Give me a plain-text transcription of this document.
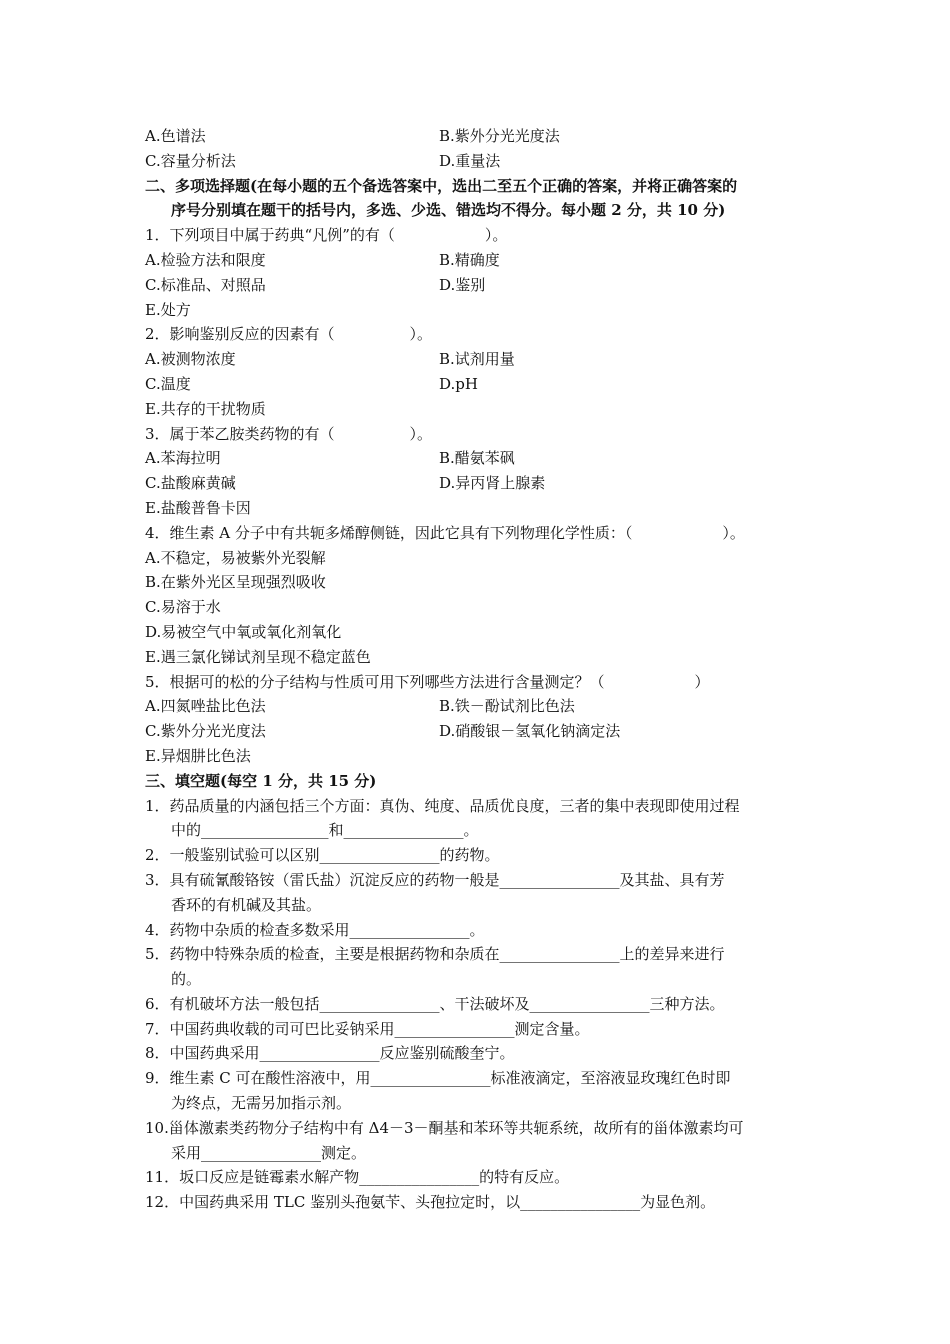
A.色谱法	B.紫外分光光度法
C.容量分析法	D.重量法
二、多项选择题(在每小题的五个备选答案中，选出二至五个正确的答案，并将正确答案的
序号分别填在题干的括号内，多选、少选、错选均不得分。每小题 2 分，共 10 分)
1．下列项目中属于药典“凡例”的有（　　　　　　）。
A.检验方法和限度	B.精确度
C.标准品、对照品	D.鉴别
E.处方
2．影响鉴别反应的因素有（　　　　　）。
A.被测物浓度	B.试剂用量
C.温度	D.pH
E.共存的干扰物质
3．属于苯乙胺类药物的有（　　　　　）。
A.苯海拉明	B.醋氨苯砜
C.盐酸麻黄碱	D.异丙肾上腺素
E.盐酸普鲁卡因
4．维生素 A 分子中有共轭多烯醇侧链，因此它具有下列物理化学性质：（　　　　　　）。
A.不稳定，易被紫外光裂解
B.在紫外光区呈现强烈吸收
C.易溶于水
D.易被空气中氧或氧化剂氧化
E.遇三氯化锑试剂呈现不稳定蓝色
5．根据可的松的分子结构与性质可用下列哪些方法进行含量测定？（　　　　　　）
A.四氮唑盐比色法	B.铁－酚试剂比色法
C.紫外分光光度法	D.硝酸银－氢氧化钠滴定法
E.异烟肼比色法
三、填空题(每空 1 分，共 15 分)
1．药品质量的内涵包括三个方面：真伪、纯度、品质优良度，三者的集中表现即使用过程
中的_________________和________________。
2．一般鉴别试验可以区别________________的药物。
3．具有硫氰酸铬铵（雷氏盐）沉淀反应的药物一般是________________及其盐、具有芳
香环的有机碱及其盐。
4．药物中杂质的检查多数采用________________。
5．药物中特殊杂质的检查，主要是根据药物和杂质在________________上的差异来进行
的。
6．有机破坏方法一般包括________________、干法破坏及________________三种方法。
7．中国药典收载的司可巴比妥钠采用________________测定含量。
8．中国药典采用________________反应鉴别硫酸奎宁。
9．维生素 C 可在酸性溶液中，用________________标准液滴定，至溶液显玫瑰红色时即
为终点，无需另加指示剂。
10.甾体激素类药物分子结构中有 Δ4－3－酮基和苯环等共轭系统，故所有的甾体激素均可
采用________________测定。
11．坂口反应是链霉素水解产物________________的特有反应。
12．中国药典采用 TLC 鉴别头孢氨苄、头孢拉定时，以________________为显色剂。
